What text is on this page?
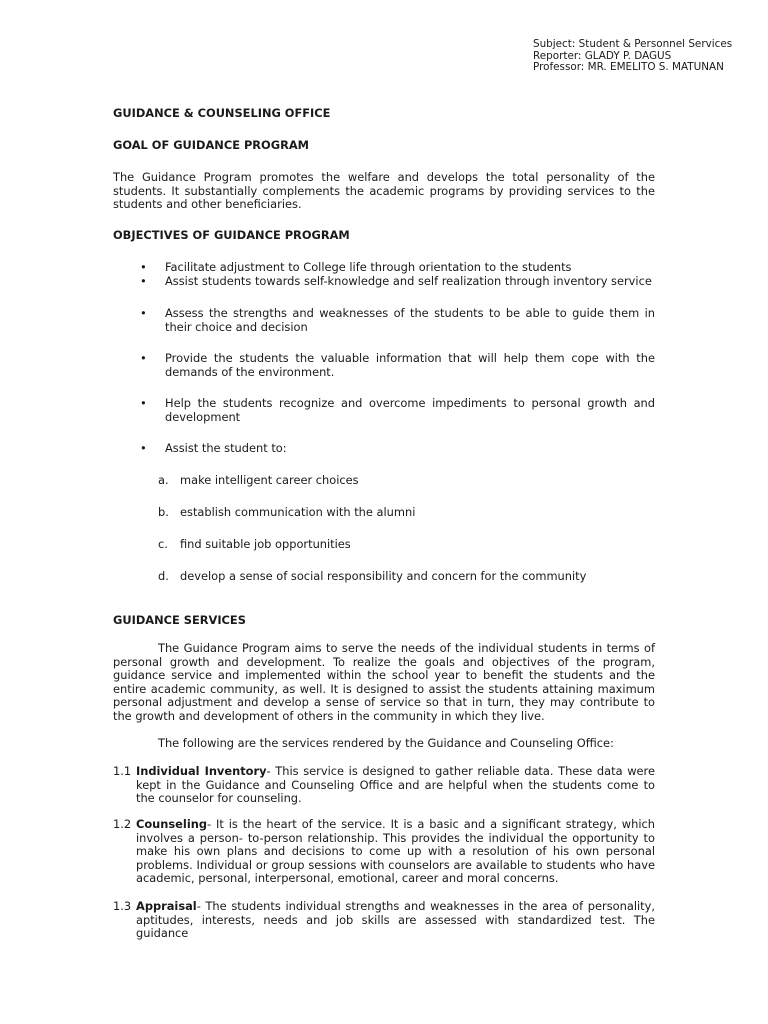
Subject: Student & Personnel Services
Reporter: GLADY P. DAGUS
Professor: MR. EMELITO S. MATUNAN
GUIDANCE & COUNSELING OFFICE
GOAL OF GUIDANCE PROGRAM

The Guidance Program promotes the welfare and develops the total personality of the students. It substantially complements the academic programs by providing services to the students and other beneficiaries.

OBJECTIVES OF GUIDANCE PROGRAM
• Facilitate adjustment to College life through orientation to the students
• Assist students towards self-knowledge and self realization through inventory service
• Assess the strengths and weaknesses of the students to be able to guide them in their choice and decision
• Provide the students the valuable information that will help them cope with the demands of the environment.
• Help the students recognize and overcome impediments to personal growth and development
• Assist the student to:
a. make intelligent career choices
b. establish communication with the alumni
c. find suitable job opportunities
d. develop a sense of social responsibility and concern for the community
GUIDANCE SERVICES

The Guidance Program aims to serve the needs of the individual students in terms of personal growth and development. To realize the goals and objectives of the program, guidance service and implemented within the school year to benefit the students and the entire academic community, as well. It is designed to assist the students attaining maximum personal adjustment and develop a sense of service so that in turn, they may contribute to the growth and development of others in the community in which they live.

The following are the services rendered by the Guidance and Counseling Office:

1.1 Individual Inventory- This service is designed to gather reliable data. These data were kept in the Guidance and Counseling Office and are helpful when the students come to the counselor for counseling.
1.2 Counseling- It is the heart of the service. It is a basic and a significant strategy, which involves a person- to-person relationship. This provides the individual the opportunity to make his own plans and decisions to come up with a resolution of his own personal problems. Individual or group sessions with counselors are available to students who have academic, personal, interpersonal, emotional, career and moral concerns.
1.3 Appraisal- The students individual strengths and weaknesses in the area of personality, aptitudes, interests, needs and job skills are assessed with standardized test. The guidance
